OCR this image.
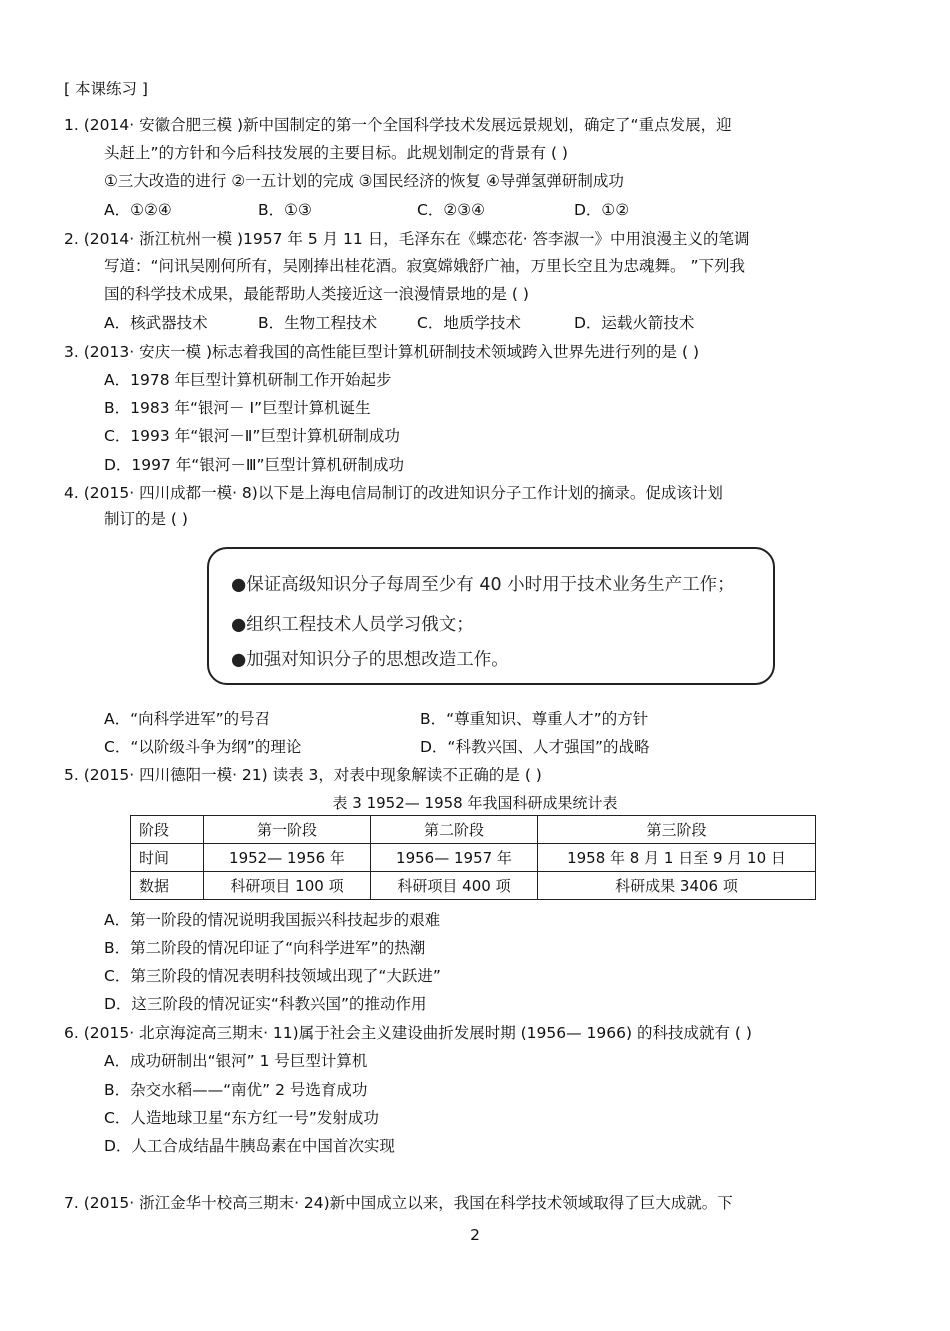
[ 本课练习 ]
1. (2014· 安徽合肥三模 )新中国制定的第一个全国科学技术发展远景规划，确定了“重点发展，迎
头赶上”的方针和今后科技发展的主要目标。此规划制定的背景有 ( )
①三大改造的进行 ②一五计划的完成 ③国民经济的恢复 ④导弹氢弹研制成功
A．①②④	B．①③	C．②③④	D．①②
2. (2014· 浙江杭州一模 )1957 年 5 月 11 日，毛泽东在《蝶恋花· 答李淑一》中用浪漫主义的笔调
写道：“问讯吴刚何所有，吴刚捧出桂花酒。寂寞嫦娥舒广袖，万里长空且为忠魂舞。 ”下列我
国的科学技术成果，最能帮助人类接近这一浪漫情景地的是 ( )
A．核武器技术	B．生物工程技术	C．地质学技术	D．运载火箭技术
3. (2013· 安庆一模 )标志着我国的高性能巨型计算机研制技术领域跨入世界先进行列的是 ( )
A．1978 年巨型计算机研制工作开始起步
B．1983 年“银河－ I”巨型计算机诞生
C．1993 年“银河－Ⅱ”巨型计算机研制成功
D．1997 年“银河－Ⅲ”巨型计算机研制成功
4. (2015· 四川成都一模· 8)以下是上海电信局制订的改进知识分子工作计划的摘录。促成该计划
制订的是 ( )
●保证高级知识分子每周至少有 40 小时用于技术业务生产工作；
●组织工程技术人员学习俄文；
●加强对知识分子的思想改造工作。
A．“向科学进军”的号召	B．“尊重知识、尊重人才”的方针
C．“以阶级斗争为纲”的理论	D．“科教兴国、人才强国”的战略
5. (2015· 四川德阳一模· 21) 读表 3，对表中现象解读不正确的是 ( )
表 3 1952— 1958 年我国科研成果统计表
阶段	第一阶段	第二阶段	第三阶段
时间	1952— 1956 年	1956— 1957 年	1958 年 8 月 1 日至 9 月 10 日
数据	科研项目 100 项	科研项目 400 项	科研成果 3406 项
A．第一阶段的情况说明我国振兴科技起步的艰难
B．第二阶段的情况印证了“向科学进军”的热潮
C．第三阶段的情况表明科技领域出现了“大跃进”
D．这三阶段的情况证实“科教兴国”的推动作用
6. (2015· 北京海淀高三期末· 11)属于社会主义建设曲折发展时期 (1956— 1966) 的科技成就有 ( )
A．成功研制出“银河” 1 号巨型计算机
B．杂交水稻——“南优” 2 号选育成功
C．人造地球卫星“东方红一号”发射成功
D．人工合成结晶牛胰岛素在中国首次实现
7. (2015· 浙江金华十校高三期末· 24)新中国成立以来，我国在科学技术领域取得了巨大成就。下
2
